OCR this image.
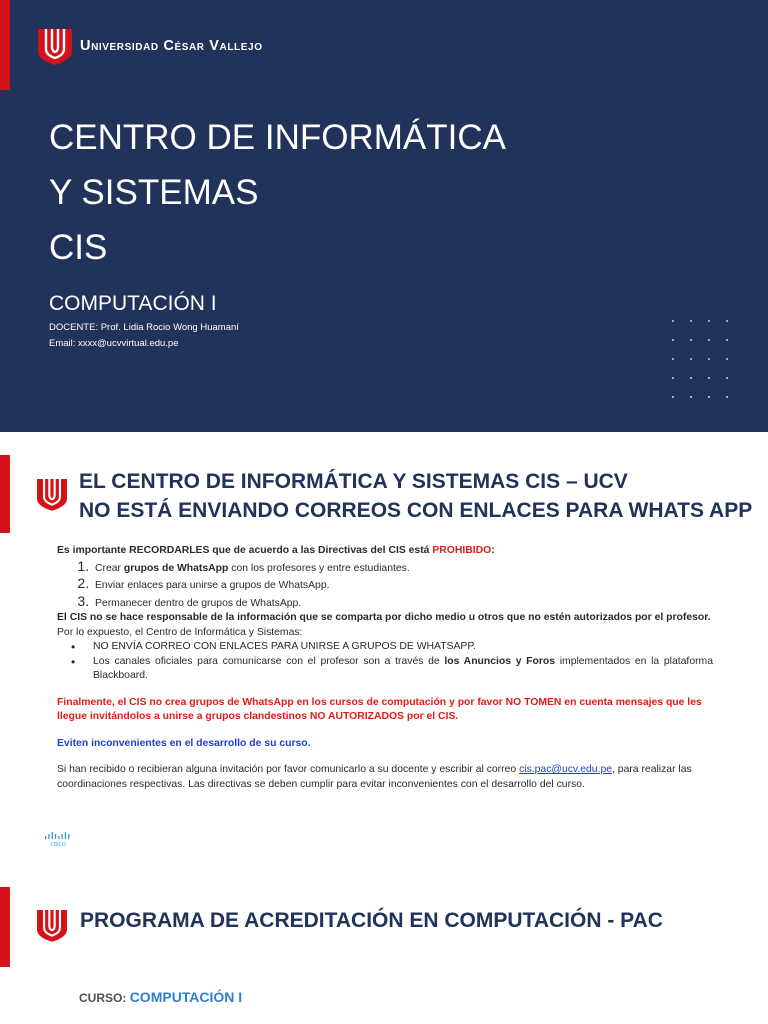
Universidad César Vallejo
CENTRO DE INFORMÁTICA
Y SISTEMAS
CIS
COMPUTACIÓN I
DOCENTE: Prof. Lidia Rocio Wong Huamaní
Email: xxxx@ucvvirtual.edu.pe
EL CENTRO DE INFORMÁTICA Y SISTEMAS CIS – UCV
NO ESTÁ ENVIANDO CORREOS CON ENLACES PARA WHATS APP

Es importante RECORDARLES que de acuerdo a las Directivas del CIS está PROHIBIDO:

1. Crear grupos de WhatsApp con los profesores y entre estudiantes.
2. Enviar enlaces para unirse a grupos de WhatsApp.
3. Permanecer dentro de grupos de WhatsApp.

El CIS no se hace responsable de la información que se comparta por dicho medio u otros que no estén autorizados por el profesor.

Por lo expuesto, el Centro de Informática y Sistemas:

• NO ENVÍA CORREO CON ENLACES PARA UNIRSE A GRUPOS DE WHATSAPP.
• Los canales oficiales para comunicarse con el profesor son a través de los Anuncios y Foros implementados en la plataforma Blackboard.

Finalmente, el CIS no crea grupos de WhatsApp en los cursos de computación y por favor NO TOMEN en cuenta mensajes que les llegue invitándolos a unirse a grupos clandestinos NO AUTORIZADOS por el CIS.

Eviten inconvenientes en el desarrollo de su curso.

Si han recibido o recibieran alguna invitación por favor comunicarlo a su docente y escribir al correo cis.pac@ucv.edu.pe, para realizar las coordinaciones respectivas. Las directivas se deben cumplir para evitar inconvenientes con el desarrollo del curso.

CISCO
PROGRAMA DE ACREDITACIÓN EN COMPUTACIÓN - PAC
CURSO: COMPUTACIÓN I
